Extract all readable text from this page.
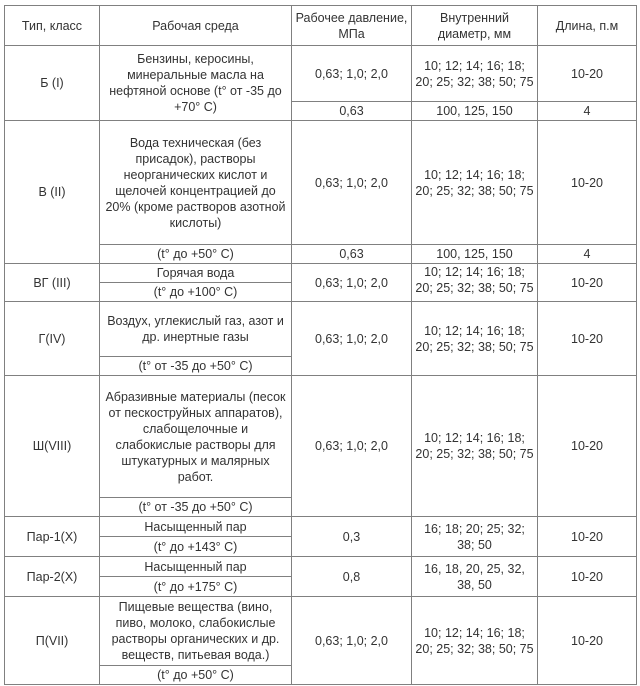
Тип, класс	Рабочая среда	Рабочее давление, МПа	Внутренний диаметр, мм	Длина, п.м
Б (I)	Бензины, керосины, минеральные масла на нефтяной основе (t° от -35 до +70° C)	0,63; 1,0; 2,0	10; 12; 14; 16; 18; 20; 25; 32; 38; 50; 75	10-20
		0,63	100, 125, 150	4
В (II)	Вода техническая (без присадок), растворы неорганических кислот и щелочей концентрацией до 20% (кроме растворов азотной кислоты)	0,63; 1,0; 2,0	10; 12; 14; 16; 18; 20; 25; 32; 38; 50; 75	10-20
	(t° до +50° C)	0,63	100, 125, 150	4
ВГ (III)	Горячая вода	0,63; 1,0; 2,0	10; 12; 14; 16; 18; 20; 25; 32; 38; 50; 75	10-20
	(t° до +100° C)			
Г(IV)	Воздух, углекислый газ, азот и др. инертные газы	0,63; 1,0; 2,0	10; 12; 14; 16; 18; 20; 25; 32; 38; 50; 75	10-20
	(t° от -35 до +50° C)			
Ш(VIII)	Абразивные материалы (песок от пескоструйных аппаратов), слабощелочные и слабокислые растворы для штукатурных и малярных работ.	0,63; 1,0; 2,0	10; 12; 14; 16; 18; 20; 25; 32; 38; 50; 75	10-20
	(t° от -35 до +50° C)			
Пар-1(X)	Насыщенный пар	0,3	16; 18; 20; 25; 32; 38; 50	10-20
	(t° до +143° C)			
Пар-2(X)	Насыщенный пар	0,8	16, 18, 20, 25, 32, 38, 50	10-20
	(t° до +175° C)			
П(VII)	Пищевые вещества (вино, пиво, молоко, слабокислые растворы органических и др. веществ, питьевая вода.)	0,63; 1,0; 2,0	10; 12; 14; 16; 18; 20; 25; 32; 38; 50; 75	10-20
	(t° до +50° C)			
